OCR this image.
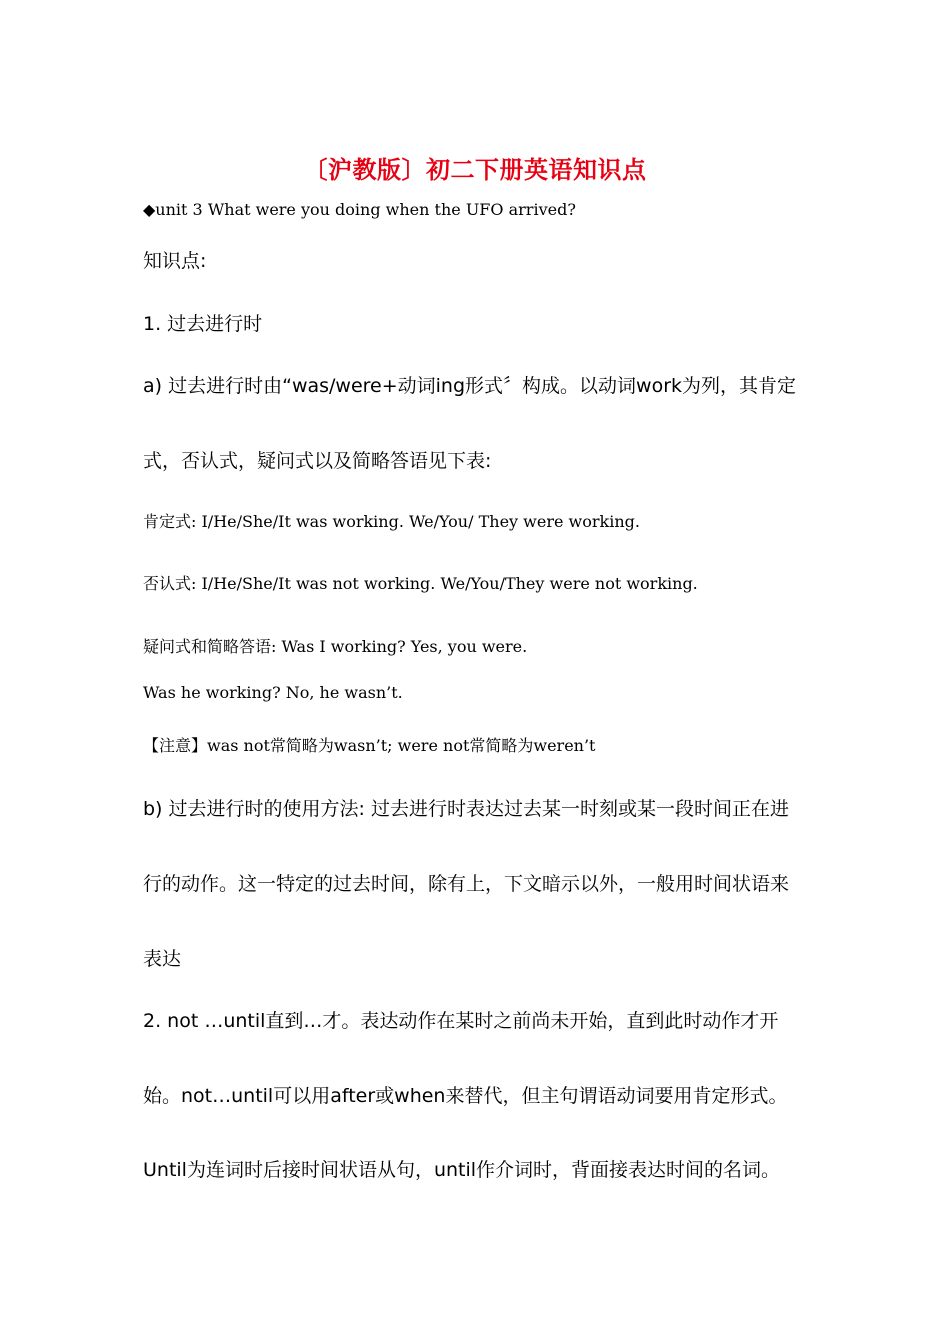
〔沪教版〕初二下册英语知识点
◆unit 3 What were you doing when the UFO arrived?
知识点:
1. 过去进行时
a) 过去进行时由“was/were+动词ing形式〞构成。以动词work为列，其肯定
式，否认式，疑问式以及简略答语见下表:
肯定式: I/He/She/It was working. We/You/ They were working.
否认式: I/He/She/It was not working. We/You/They were not working.
疑问式和简略答语: Was I working? Yes, you were.
Was he working? No, he wasn’t.
【注意】was not常简略为wasn’t; were not常简略为weren’t
b) 过去进行时的使用方法: 过去进行时表达过去某一时刻或某一段时间正在进
行的动作。这一特定的过去时间，除有上，下文暗示以外，一般用时间状语来
表达
2. not …until直到…才。表达动作在某时之前尚未开始，直到此时动作才开
始。not…until可以用after或when来替代，但主句谓语动词要用肯定形式。
Until为连词时后接时间状语从句，until作介词时，背面接表达时间的名词。
